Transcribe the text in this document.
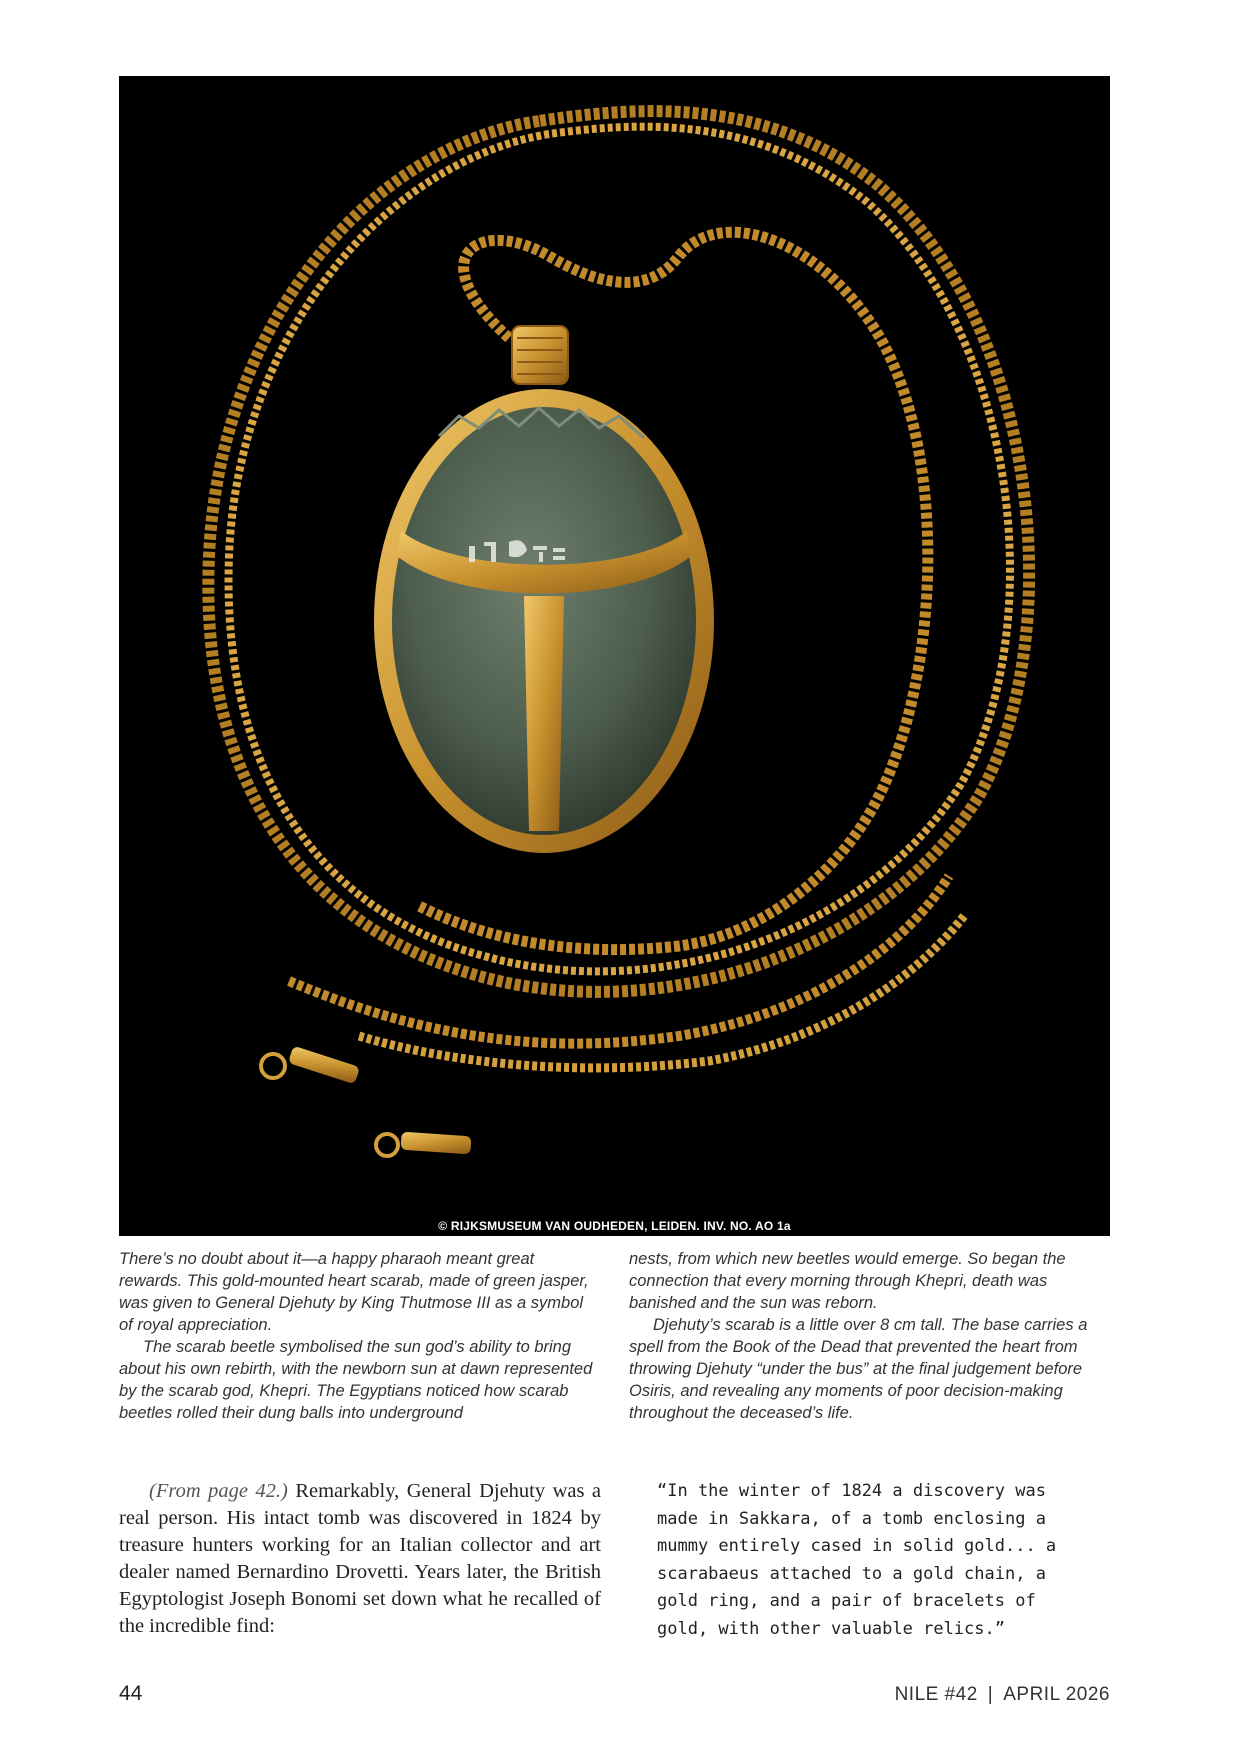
© RIJKSMUSEUM VAN OUDHEDEN, LEIDEN. INV. NO. AO 1a

There’s no doubt about it—a happy pharaoh meant great rewards. This gold-mounted heart scarab, made of green jasper, was given to General Djehuty by King Thutmose III as a symbol of royal appreciation.

The scarab beetle symbolised the sun god’s ability to bring about his own rebirth, with the newborn sun at dawn represented by the scarab god, Khepri. The Egyptians noticed how scarab beetles rolled their dung balls into underground

nests, from which new beetles would emerge. So began the connection that every morning through Khepri, death was banished and the sun was reborn.

Djehuty’s scarab is a little over 8 cm tall. The base carries a spell from the Book of the Dead that prevented the heart from throwing Djehuty “under the bus” at the final judgement before Osiris, and revealing any moments of poor decision-making throughout the deceased’s life.

(From page 42.) Remarkably, General Djehuty was a real person. His intact tomb was discovered in 1824 by treasure hunters working for an Italian collector and art dealer named Bernardino Drovetti. Years later, the British Egyptologist Joseph Bonomi set down what he recalled of the incredible find:
“In the winter of 1824 a discovery was made in Sakkara, of a tomb enclosing a mummy entirely cased in solid gold... a scarabaeus attached to a gold chain, a gold ring, and a pair of bracelets of gold, with other valuable relics.”
44	NILE #42 | APRIL 2026
